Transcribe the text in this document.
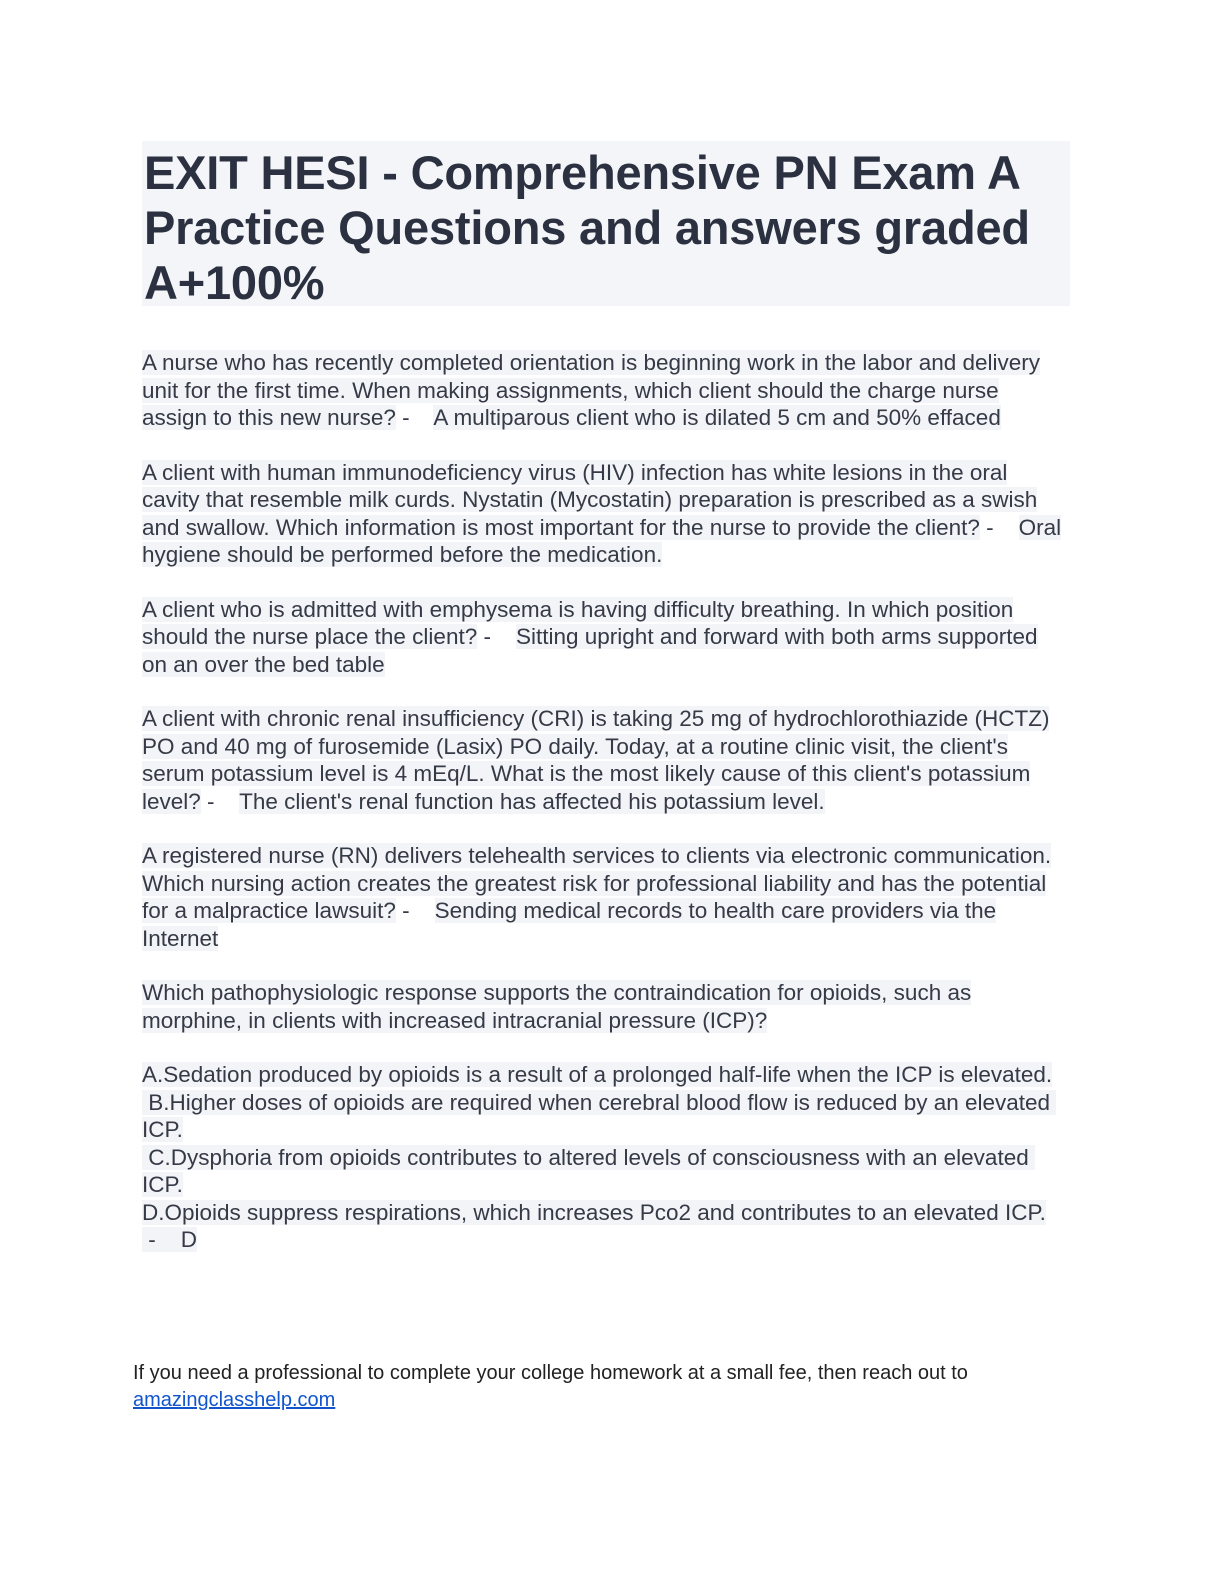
EXIT HESI - Comprehensive PN Exam A Practice Questions and answers graded A+100%

A nurse who has recently completed orientation is beginning work in the labor and delivery unit for the first time. When making assignments, which client should the charge nurse assign to this new nurse? -    A multiparous client who is dilated 5 cm and 50% effaced

A client with human immunodeficiency virus (HIV) infection has white lesions in the oral cavity that resemble milk curds. Nystatin (Mycostatin) preparation is prescribed as a swish and swallow. Which information is most important for the nurse to provide the client? -    Oral hygiene should be performed before the medication.

A client who is admitted with emphysema is having difficulty breathing. In which position should the nurse place the client? -    Sitting upright and forward with both arms supported on an over the bed table

A client with chronic renal insufficiency (CRI) is taking 25 mg of hydrochlorothiazide (HCTZ) PO and 40 mg of furosemide (Lasix) PO daily. Today, at a routine clinic visit, the client's serum potassium level is 4 mEq/L. What is the most likely cause of this client's potassium level? -    The client's renal function has affected his potassium level.

A registered nurse (RN) delivers telehealth services to clients via electronic communication. Which nursing action creates the greatest risk for professional liability and has the potential for a malpractice lawsuit? -    Sending medical records to health care providers via the Internet

Which pathophysiologic response supports the contraindication for opioids, such as morphine, in clients with increased intracranial pressure (ICP)?

A.Sedation produced by opioids is a result of a prolonged half-life when the ICP is elevated.
B.Higher doses of opioids are required when cerebral blood flow is reduced by an elevated ICP.
C.Dysphoria from opioids contributes to altered levels of consciousness with an elevated ICP.
D.Opioids suppress respirations, which increases Pco2 and contributes to an elevated ICP. -    D
If you need a professional to complete your college homework at a small fee, then reach out to
amazingclasshelp.com
